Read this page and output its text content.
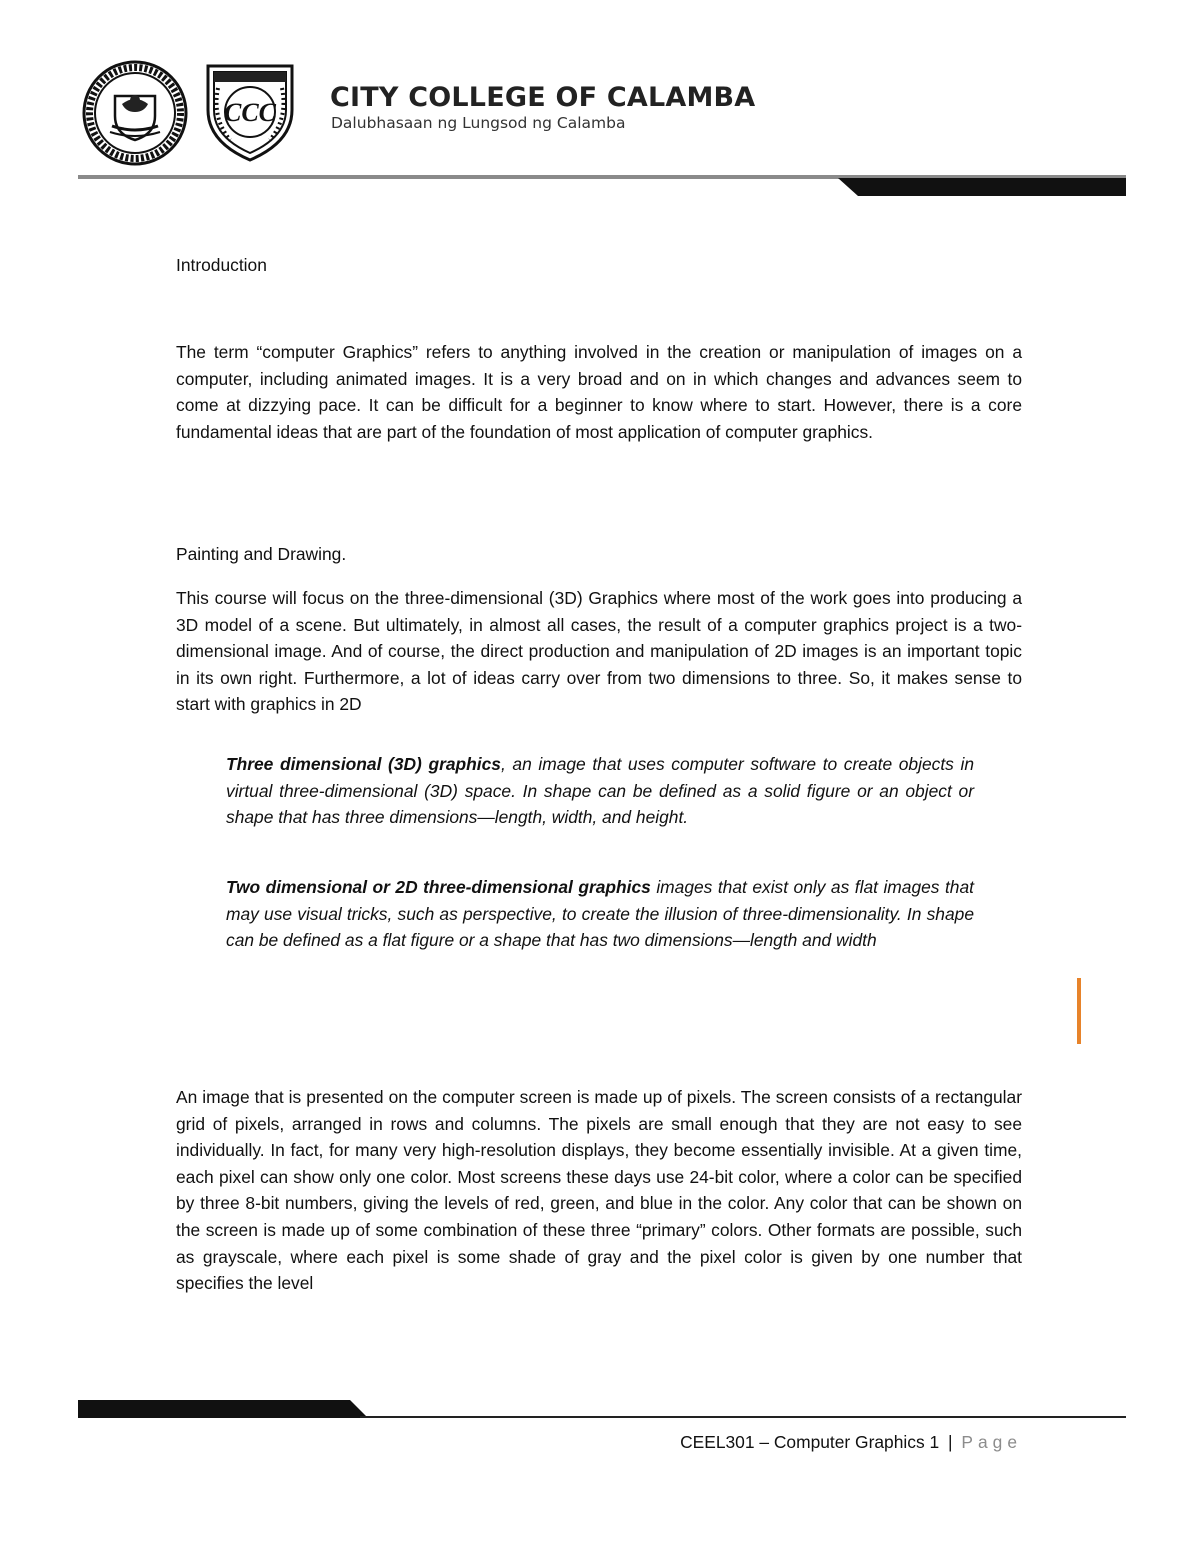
CCC CITY COLLEGE OF CALAMBA
Dalubhasaan ng Lungsod ng Calamba
Introduction
The term “computer Graphics” refers to anything involved in the creation or manipulation of images on a computer, including animated images. It is a very broad and on in which changes and advances seem to come at dizzying pace. It can be difficult for a beginner to know where to start. However, there is a core fundamental ideas that are part of the foundation of most application of computer graphics.
Painting and Drawing.
This course will focus on the three-dimensional (3D) Graphics where most of the work goes into producing a 3D model of a scene. But ultimately, in almost all cases, the result of a computer graphics project is a two-dimensional image. And of course, the direct production and manipulation of 2D images is an important topic in its own right. Furthermore, a lot of ideas carry over from two dimensions to three. So, it makes sense to start with graphics in 2D
Three dimensional (3D) graphics, an image that uses computer software to create objects in virtual three-dimensional (3D) space. In shape can be defined as a solid figure or an object or shape that has three dimensions—length, width, and height.
Two dimensional or 2D three-dimensional graphics images that exist only as flat images that may use visual tricks, such as perspective, to create the illusion of three-dimensionality. In shape can be defined as a flat figure or a shape that has two dimensions—length and width
An image that is presented on the computer screen is made up of pixels. The screen consists of a rectangular grid of pixels, arranged in rows and columns. The pixels are small enough that they are not easy to see individually. In fact, for many very high-resolution displays, they become essentially invisible. At a given time, each pixel can show only one color. Most screens these days use 24-bit color, where a color can be specified by three 8-bit numbers, giving the levels of red, green, and blue in the color. Any color that can be shown on the screen is made up of some combination of these three “primary” colors. Other formats are possible, such as grayscale, where each pixel is some shade of gray and the pixel color is given by one number that specifies the level
CEEL301 – Computer Graphics 1 | Page
